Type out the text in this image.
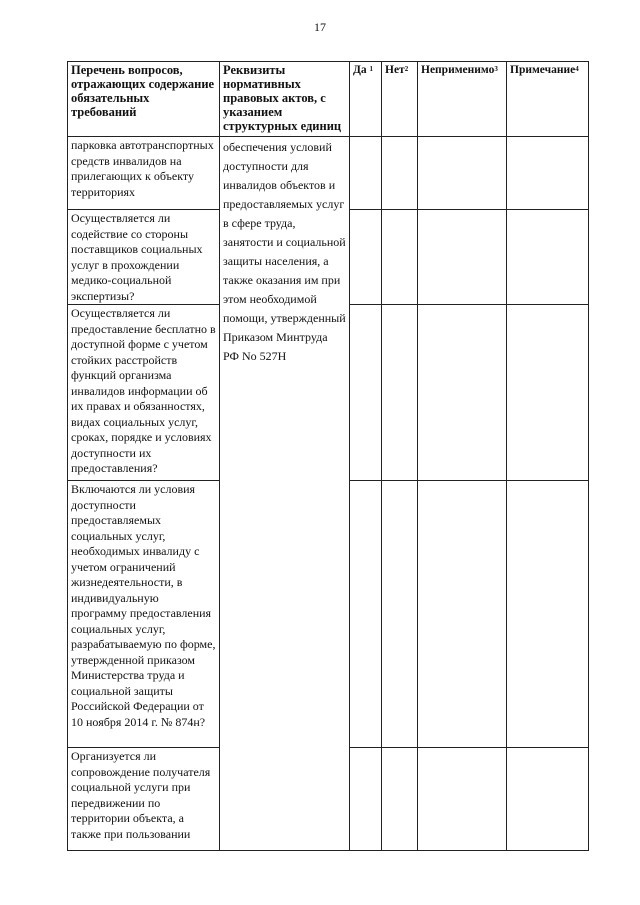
17
Перечень вопросов, отражающих содержание обязательных требований	Реквизиты нормативных правовых актов, с указанием структурных единиц	Да $^1$	Нет$^2$	Неприменимо$^3$	Примечание$^4$
парковка автотранспортных средств инвалидов на прилегающих к объекту территориях	обеспечения условий доступности для инвалидов объектов и предоставляемых услуг в сфере труда, занятости и социальной защиты населения, а также оказания им при этом необходимой помощи, утвержденный Приказом Минтруда РФ No 527Н				
Осуществляется ли содействие со стороны поставщиков социальных услуг в прохождении медико-социальной экспертизы?					
Осуществляется ли предоставление бесплатно в доступной форме с учетом стойких расстройств функций организма инвалидов информации об их правах и обязанностях, видах социальных услуг, сроках, порядке и условиях доступности их предоставления?					
Включаются ли условия доступности предоставляемых социальных услуг, необходимых инвалиду с учетом ограничений жизнедеятельности, в индивидуальную программу предоставления социальных услуг, разрабатываемую по форме, утвержденной приказом Министерства труда и социальной защиты Российской Федерации от 10 ноября 2014 г. № 874н?					
Организуется ли сопровождение получателя социальной услуги при передвижении по территории объекта, а также при пользовании					
